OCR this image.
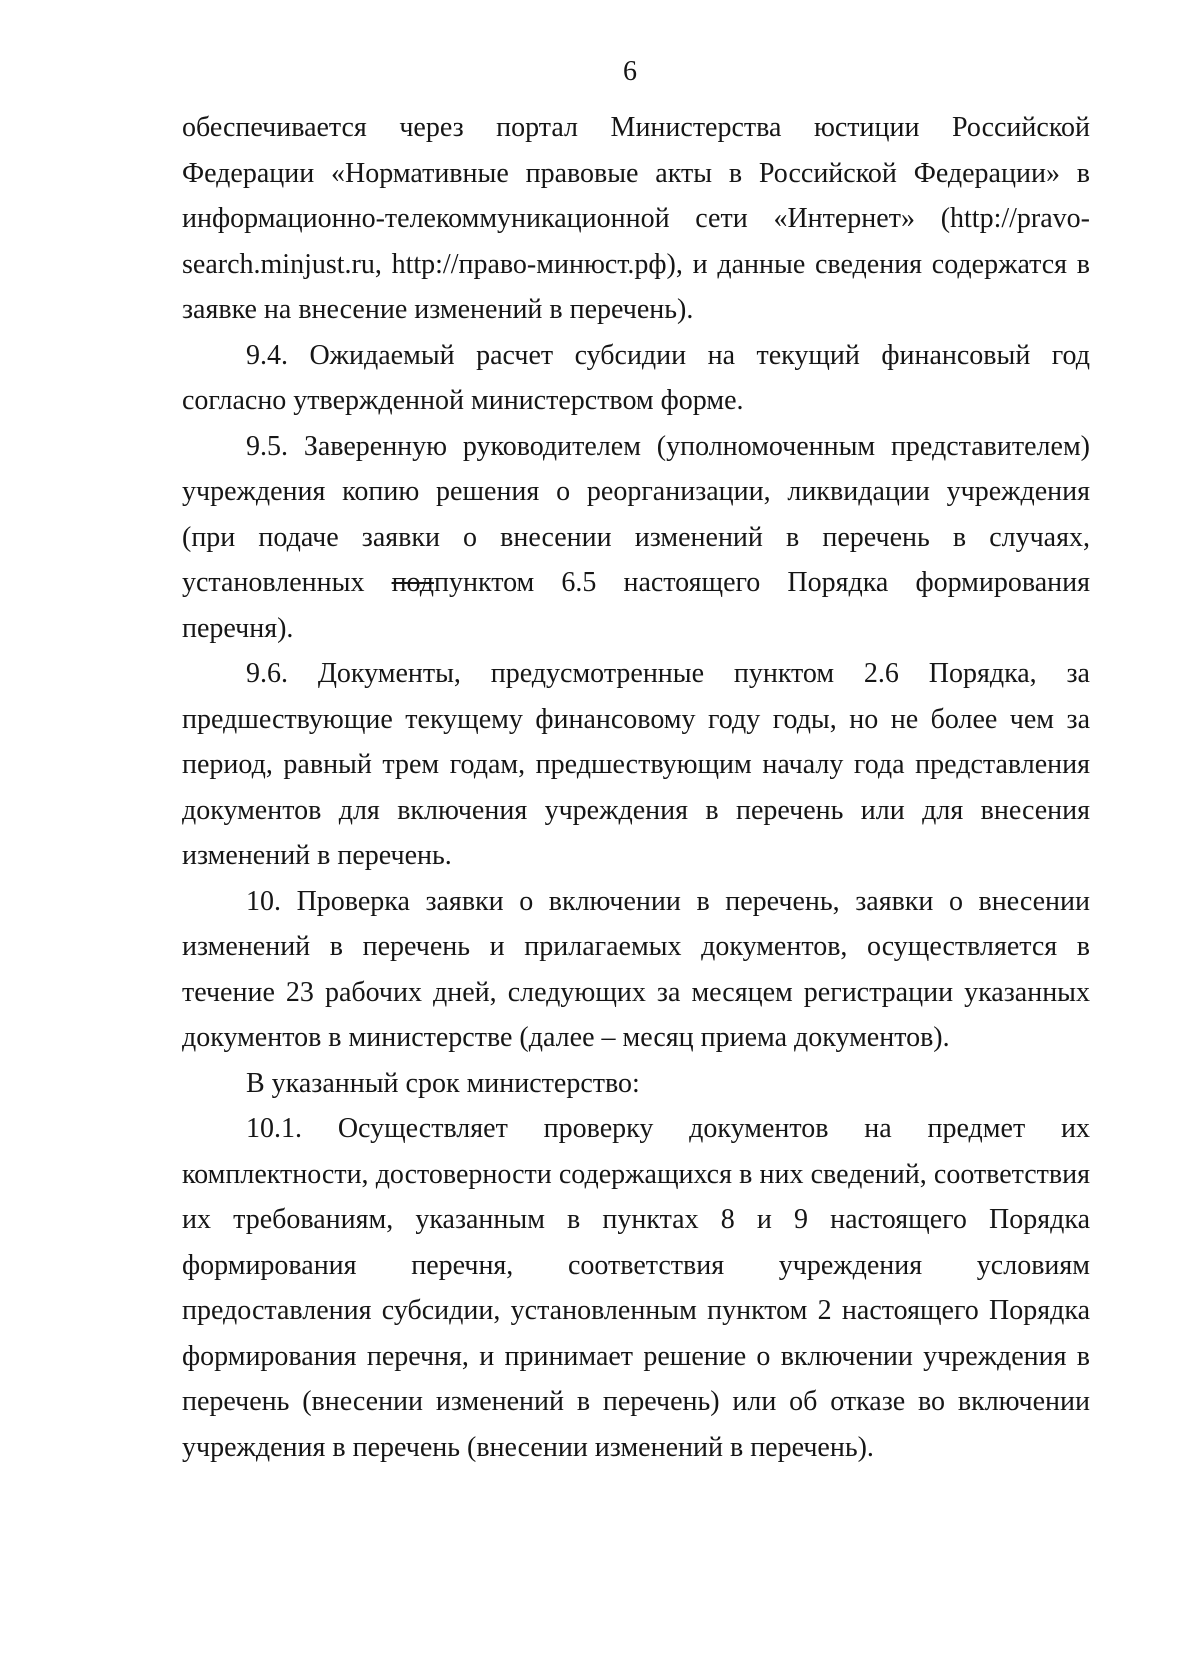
6

обеспечивается через портал Министерства юстиции Российской Федерации «Нормативные правовые акты в Российской Федерации» в информационно-телекоммуникационной сети «Интернет» (http://pravo-search.minjust.ru, http://право-минюст.рф), и данные сведения содержатся в заявке на внесение изменений в перечень).

9.4. Ожидаемый расчет субсидии на текущий финансовый год согласно утвержденной министерством форме.

9.5. Заверенную руководителем (уполномоченным представителем) учреждения копию решения о реорганизации, ликвидации учреждения (при подаче заявки о внесении изменений в перечень в случаях, установленных подпунктом 6.5 настоящего Порядка формирования перечня).

9.6. Документы, предусмотренные пунктом 2.6 Порядка, за предшествующие текущему финансовому году годы, но не более чем за период, равный трем годам, предшествующим началу года представления документов для включения учреждения в перечень или для внесения изменений в перечень.

10. Проверка заявки о включении в перечень, заявки о внесении изменений в перечень и прилагаемых документов, осуществляется в течение 23 рабочих дней, следующих за месяцем регистрации указанных документов в министерстве (далее – месяц приема документов).

В указанный срок министерство:

10.1. Осуществляет проверку документов на предмет их комплектности, достоверности содержащихся в них сведений, соответствия их требованиям, указанным в пунктах 8 и 9 настоящего Порядка формирования перечня, соответствия учреждения условиям предоставления субсидии, установленным пунктом 2 настоящего Порядка формирования перечня, и принимает решение о включении учреждения в перечень (внесении изменений в перечень) или об отказе во включении учреждения в перечень (внесении изменений в перечень).
